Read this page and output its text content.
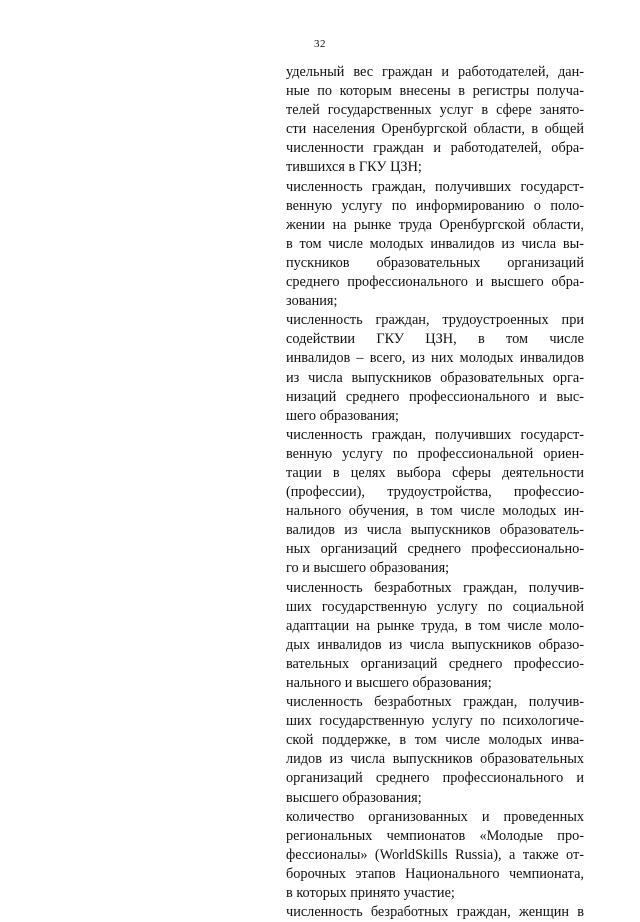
32
удельный вес граждан и работодателей, дан-
ные по которым внесены в регистры получа-
телей государственных услуг в сфере занято-
сти населения Оренбургской области, в общей
численности граждан и работодателей, обра-
тившихся в ГКУ ЦЗН;
численность граждан, получивших государст-
венную услугу по информированию о поло-
жении на рынке труда Оренбургской области,
в том числе молодых инвалидов из числа вы-
пускников образовательных организаций
среднего профессионального и высшего обра-
зования;
численность граждан, трудоустроенных при
содействии ГКУ ЦЗН, в том числе
инвалидов – всего, из них молодых инвалидов
из числа выпускников образовательных орга-
низаций среднего профессионального и выс-
шего образования;
численность граждан, получивших государст-
венную услугу по профессиональной ориен-
тации в целях выбора сферы деятельности
(профессии), трудоустройства, профессио-
нального обучения, в том числе молодых ин-
валидов из числа выпускников образователь-
ных организаций среднего профессионально-
го и высшего образования;
численность безработных граждан, получив-
ших государственную услугу по социальной
адаптации на рынке труда, в том числе моло-
дых инвалидов из числа выпускников образо-
вательных организаций среднего профессио-
нального и высшего образования;
численность безработных граждан, получив-
ших государственную услугу по психологиче-
ской поддержке, в том числе молодых инва-
лидов из числа выпускников образовательных
организаций среднего профессионального и
высшего образования;
количество организованных и проведенных
региональных чемпионатов «Молодые про-
фессионалы» (WorldSkills Russia), а также от-
борочных этапов Национального чемпионата,
в которых принято участие;
численность безработных граждан, женщин в
